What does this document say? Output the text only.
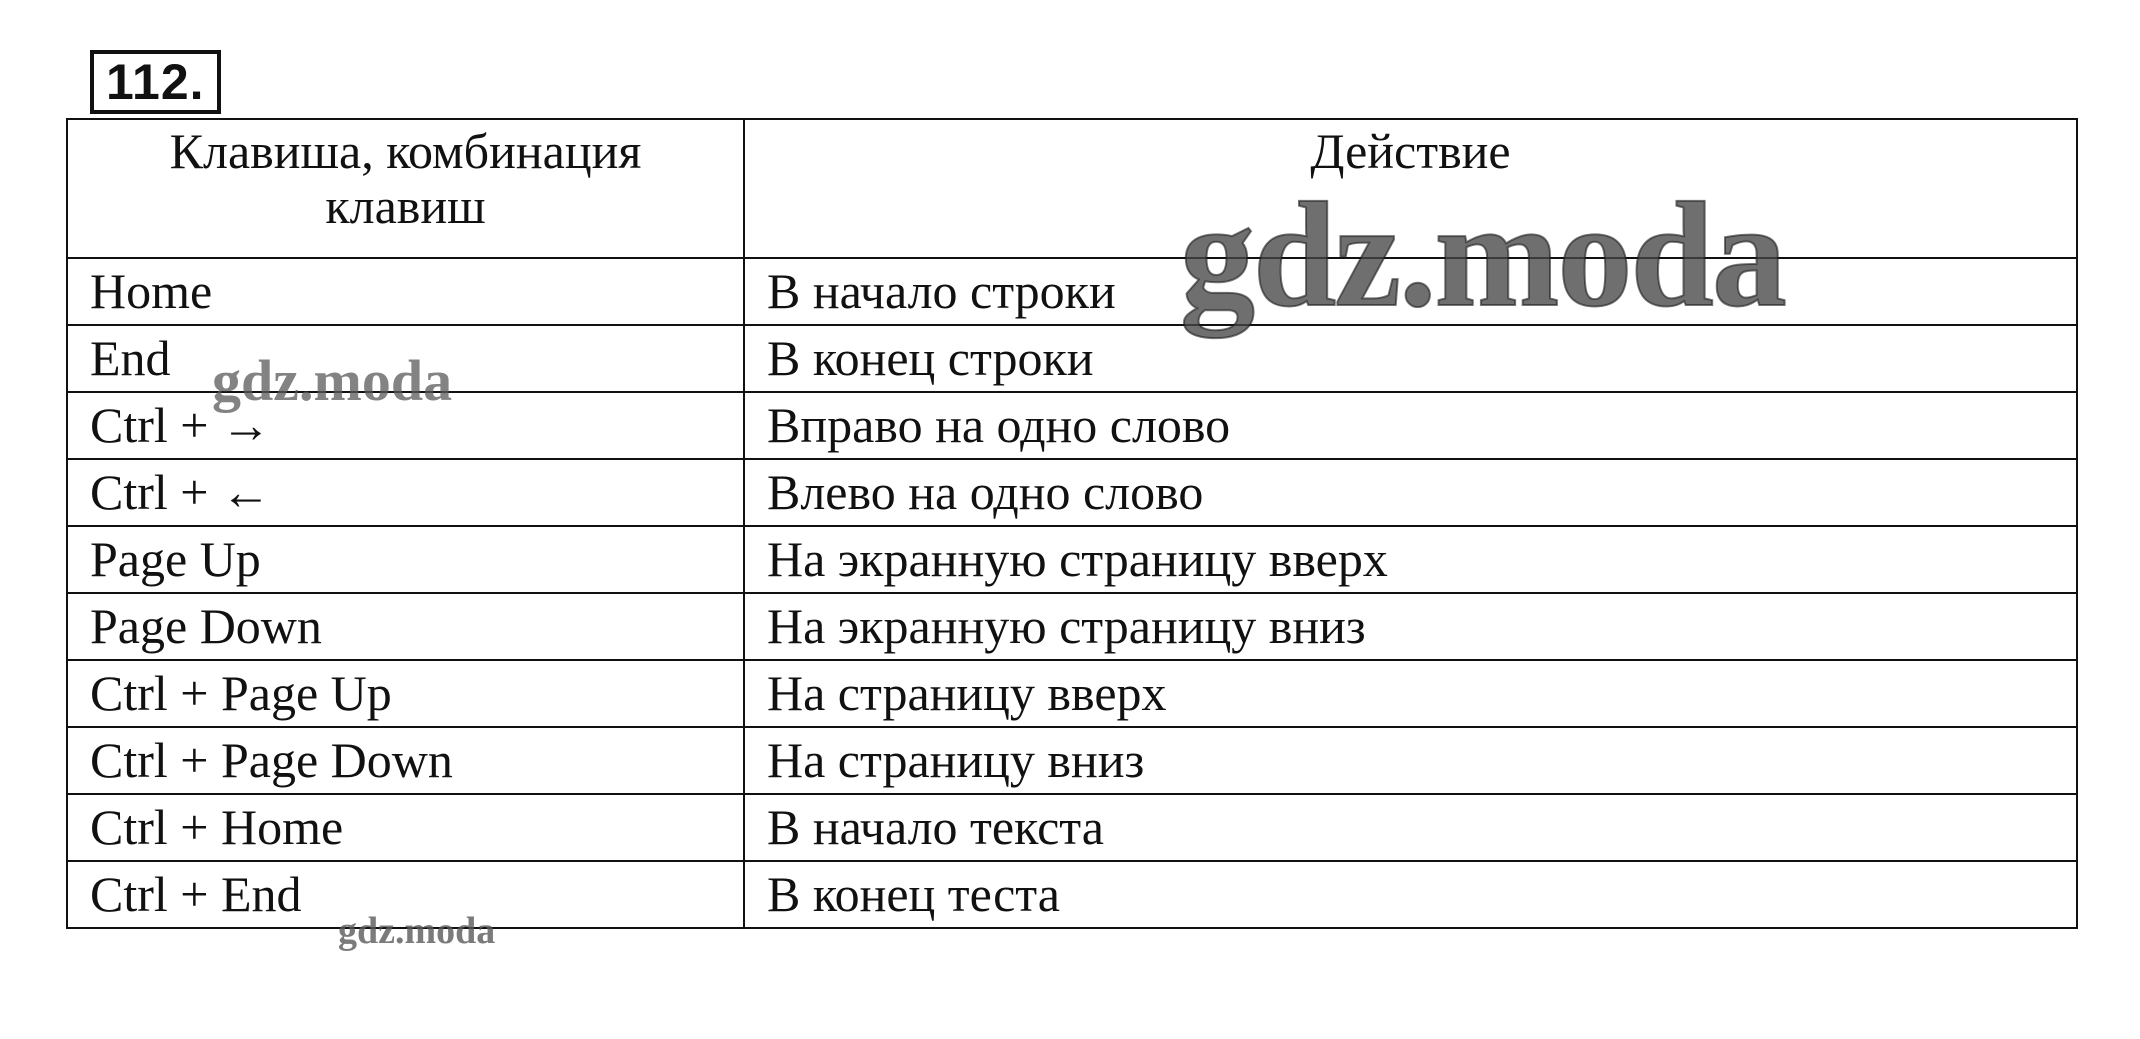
112.
Клавиша, комбинация клавиш	Действие
Home	В начало строки
End	В конец строки
Ctrl + →	Вправо на одно слово
Ctrl + ←	Влево на одно слово
Page Up	На экранную страницу вверх
Page Down	На экранную страницу вниз
Ctrl + Page Up	На страницу вверх
Ctrl + Page Down	На страницу вниз
Ctrl + Home	В начало текста
Ctrl + End	В конец теста
gdz.moda
gdz.moda
gdz.moda
